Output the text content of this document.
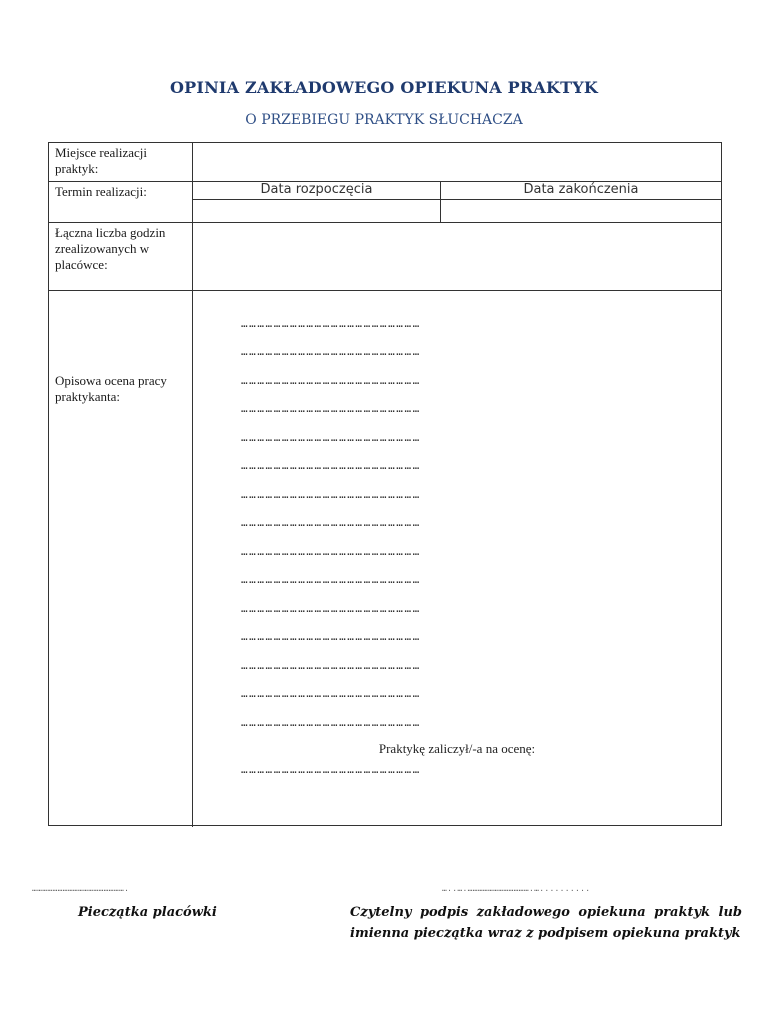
OPINIA ZAKŁADOWEGO OPIEKUNA PRAKTYK
O PRZEBIEGU PRAKTYK SŁUCHACZA
Miejsce realizacji praktyk:
Termin realizacji:	Data rozpoczęcia	Data zakończenia
Łączna liczba godzin zrealizowanych w placówce:
Opisowa ocena pracy praktykanta:
…………………………………………………………
…………………………………………………………
…………………………………………………………
…………………………………………………………
…………………………………………………………
…………………………………………………………
…………………………………………………………
…………………………………………………………
…………………………………………………………
…………………………………………………………
…………………………………………………………
…………………………………………………………
…………………………………………………………
…………………………………………………………
…………………………………………………………
Praktykę zaliczył/-a na ocenę:
…………………………………………………………
……………………………………………….	…..….……………………………….…..........
Pieczątka placówki	Czytelny podpis zakładowego opiekuna praktyk lub imienna pieczątka wraz z podpisem opiekuna praktyk
